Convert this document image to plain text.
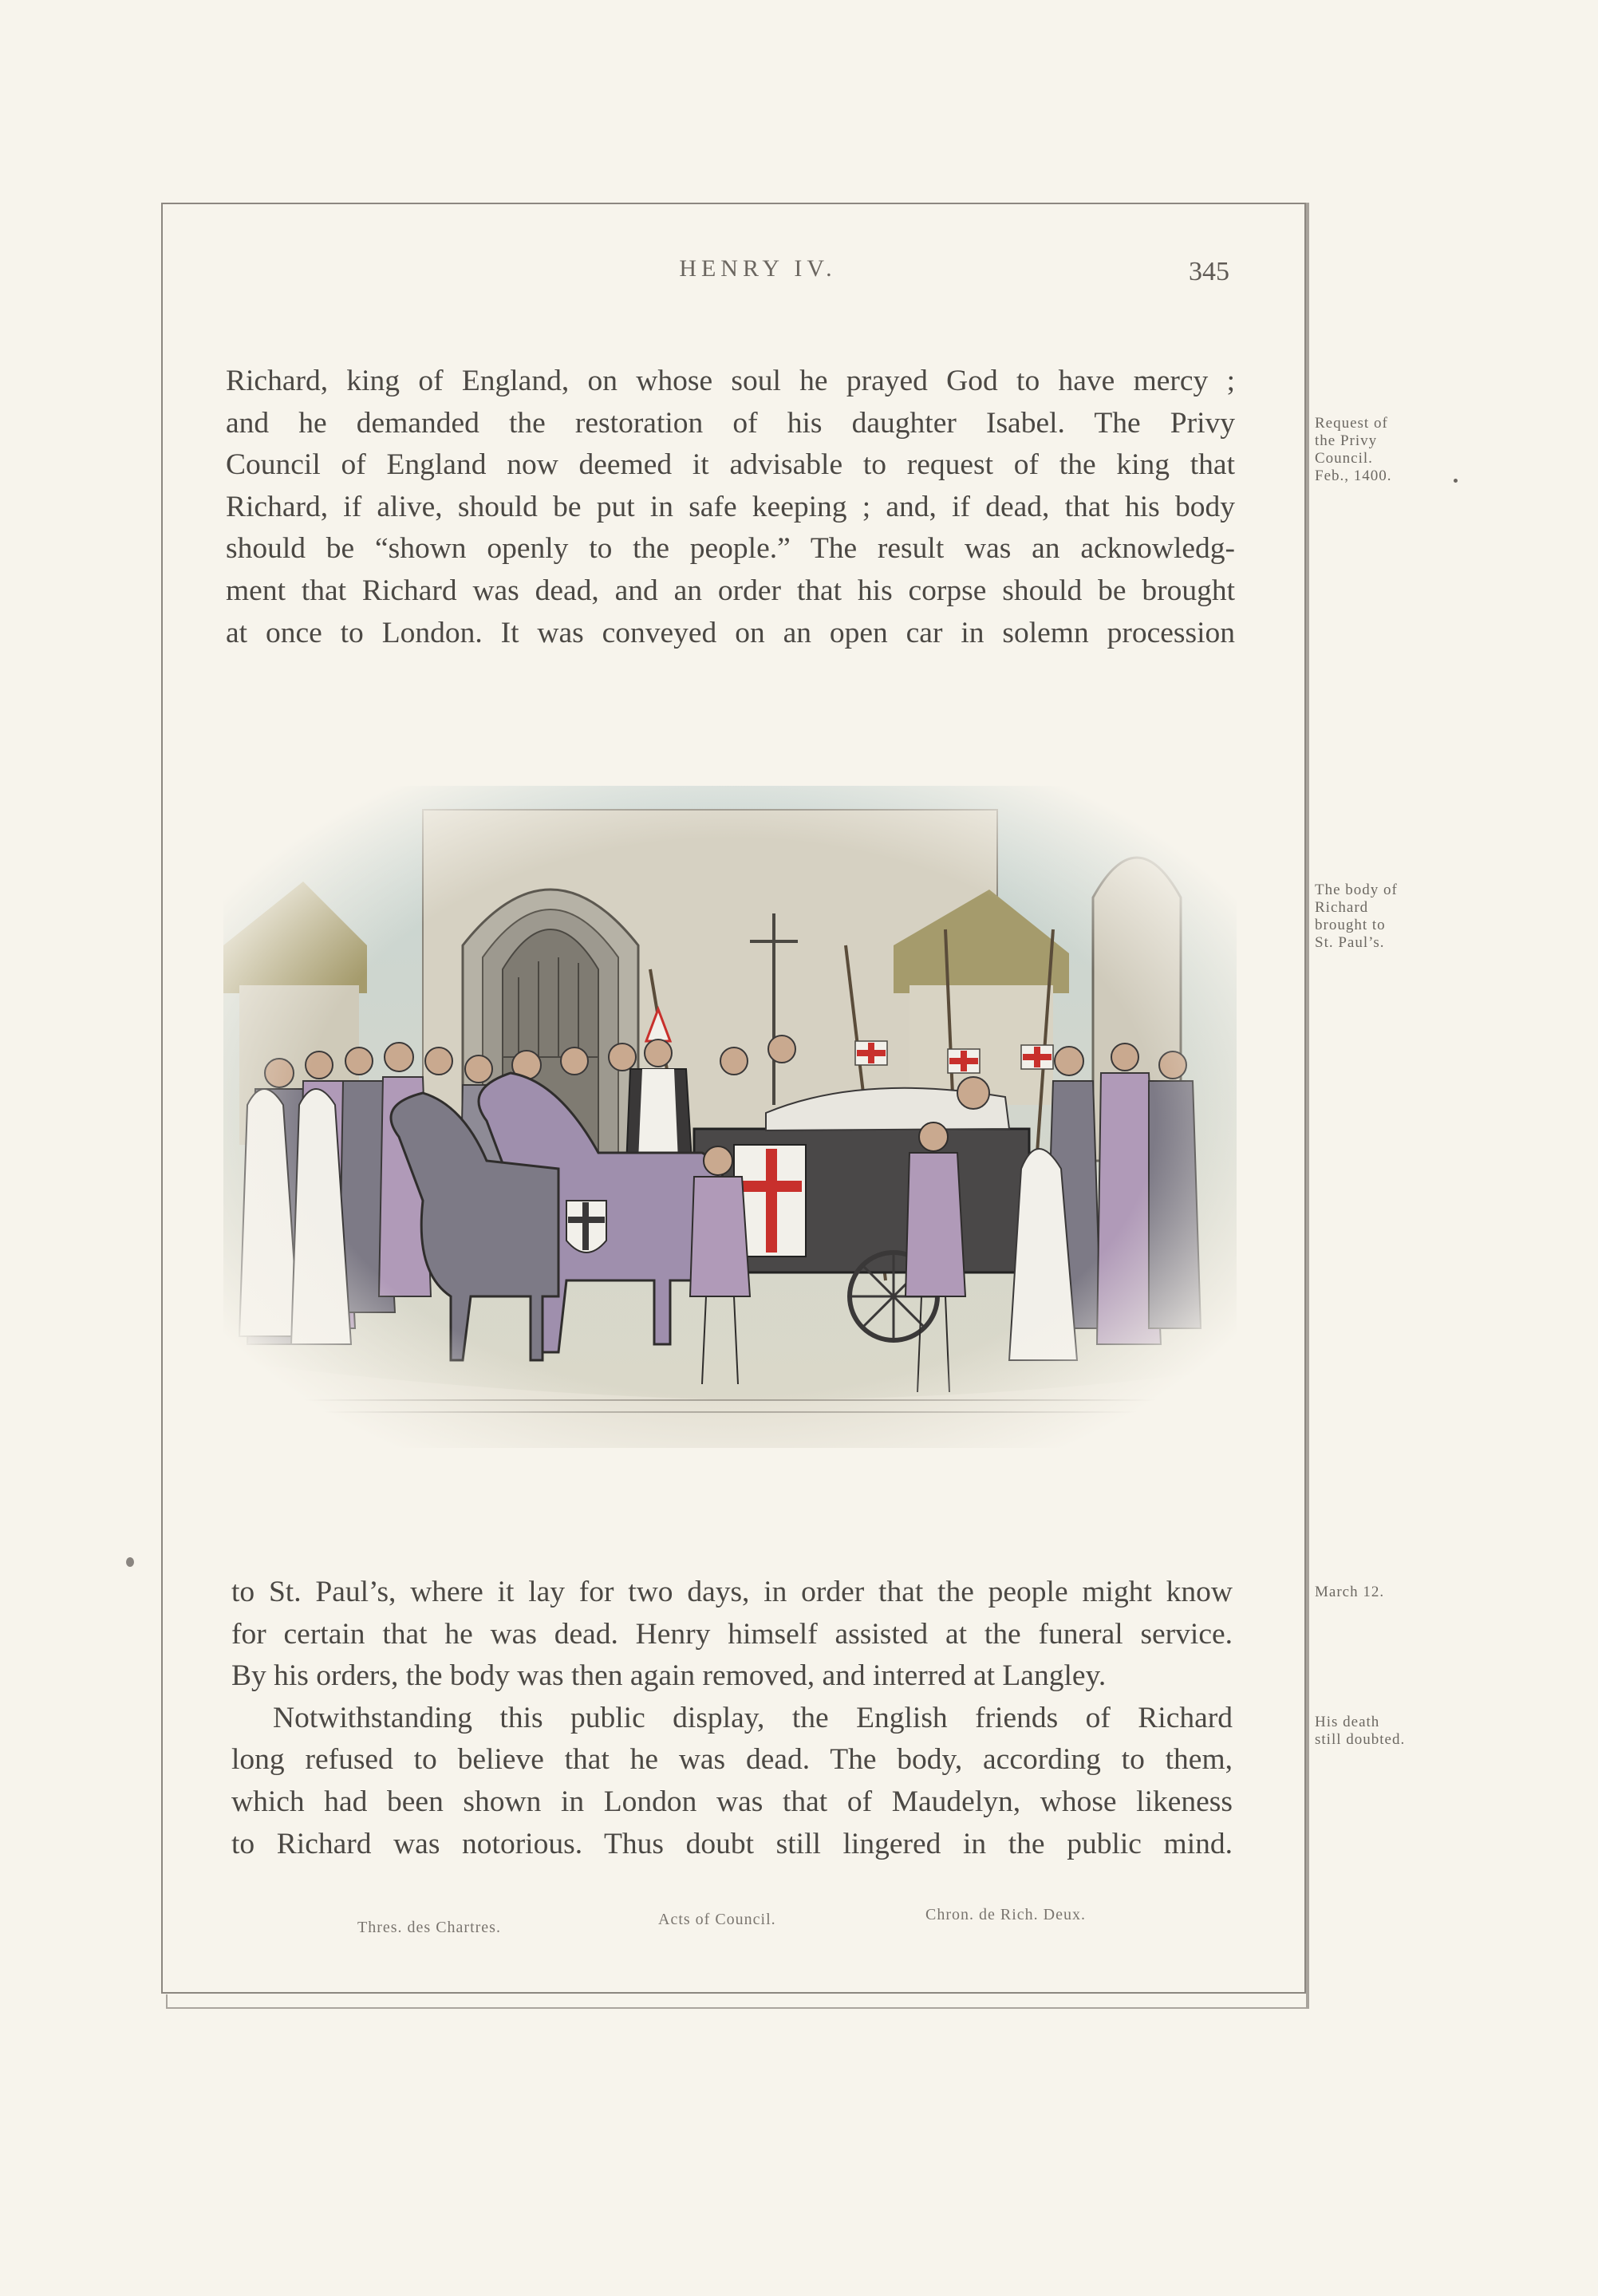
HENRY IV.	345
Richard, king of England, on whose soul he prayed God to have mercy ;
and he demanded the restoration of his daughter Isabel. The Privy
Council of England now deemed it advisable to request of the king that
Richard, if alive, should be put in safe keeping ; and, if dead, that his body
should be “shown openly to the people.” The result was an acknowledg-
ment that Richard was dead, and an order that his corpse should be brought
at once to London. It was conveyed on an open car in solemn procession
Request of
the Privy
Council.
Feb., 1400.
The body of
Richard
brought to
St. Paul’s.
to St. Paul’s, where it lay for two days, in order that the people might know
for certain that he was dead. Henry himself assisted at the funeral service.
By his orders, the body was then again removed, and interred at Langley.
Notwithstanding this public display, the English friends of Richard
long refused to believe that he was dead. The body, according to them,
which had been shown in London was that of Maudelyn, whose likeness
to Richard was notorious. Thus doubt still lingered in the public mind.
March 12.
His death
still doubted.
Thres. des Chartres.	Acts of Council.	Chron. de Rich. Deux.
